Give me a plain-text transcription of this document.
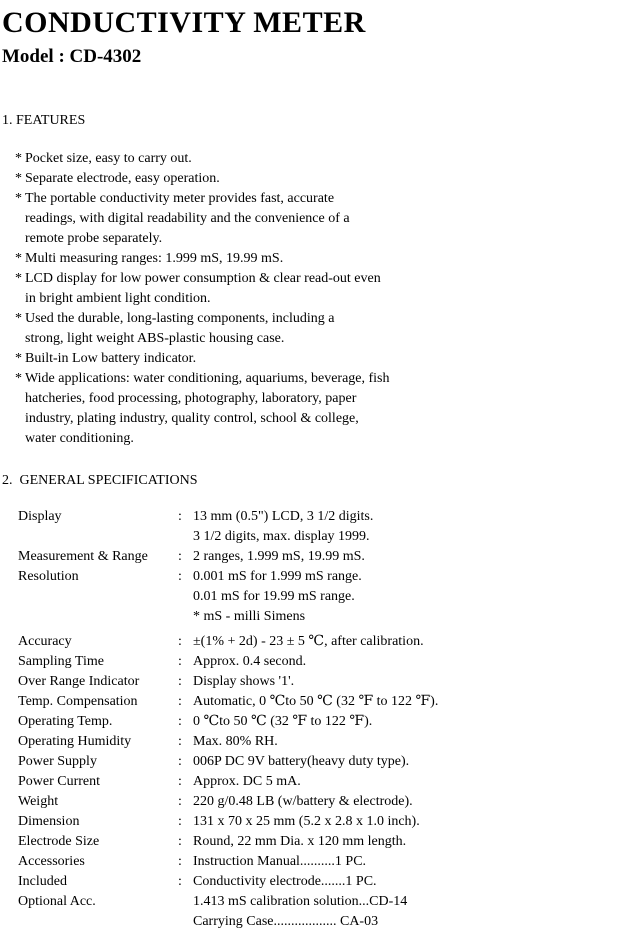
CONDUCTIVITY METER
Model : CD-4302
1. FEATURES
* Pocket size, easy to carry out.
* Separate electrode, easy operation.
* The portable conductivity meter provides fast, accurate
readings, with digital readability and the convenience of a
remote probe separately.
* Multi measuring ranges: 1.999 mS, 19.99 mS.
* LCD display for low power consumption & clear read-out even
in bright ambient light condition.
* Used the durable, long-lasting components, including a
strong, light weight ABS-plastic housing case.
* Built-in Low battery indicator.
* Wide applications: water conditioning, aquariums, beverage, fish
hatcheries, food processing, photography, laboratory, paper
industry, plating industry, quality control, school & college,
water conditioning.
2.  GENERAL SPECIFICATIONS
Display	: 13 mm (0.5") LCD, 3 1/2 digits.
3 1/2 digits, max. display 1999.
Measurement & Range	: 2 ranges, 1.999 mS, 19.99 mS.
Resolution	: 0.001 mS for 1.999 mS range.
0.01 mS for 19.99 mS range.
* mS - milli Simens
Accuracy	: ±(1% + 2d) - 23 ± 5 ℃, after calibration.
Sampling Time	: Approx. 0.4 second.
Over Range Indicator	: Display shows '1'.
Temp. Compensation	: Automatic, 0 ℃to 50 ℃ (32 ℉ to 122 ℉).
Operating Temp.	: 0 ℃to 50 ℃ (32 ℉ to 122 ℉).
Operating Humidity	: Max. 80% RH.
Power Supply	: 006P DC 9V battery(heavy duty type).
Power Current	: Approx. DC 5 mA.
Weight	: 220 g/0.48 LB (w/battery & electrode).
Dimension	: 131 x 70 x 25 mm (5.2 x 2.8 x 1.0 inch).
Electrode Size	: Round, 22 mm Dia. x 120 mm length.
Accessories	: Instruction Manual..........1 PC.
Included	: Conductivity electrode.......1 PC.
Optional Acc.	1.413 mS calibration solution...CD-14
Carrying Case.................. CA-03
